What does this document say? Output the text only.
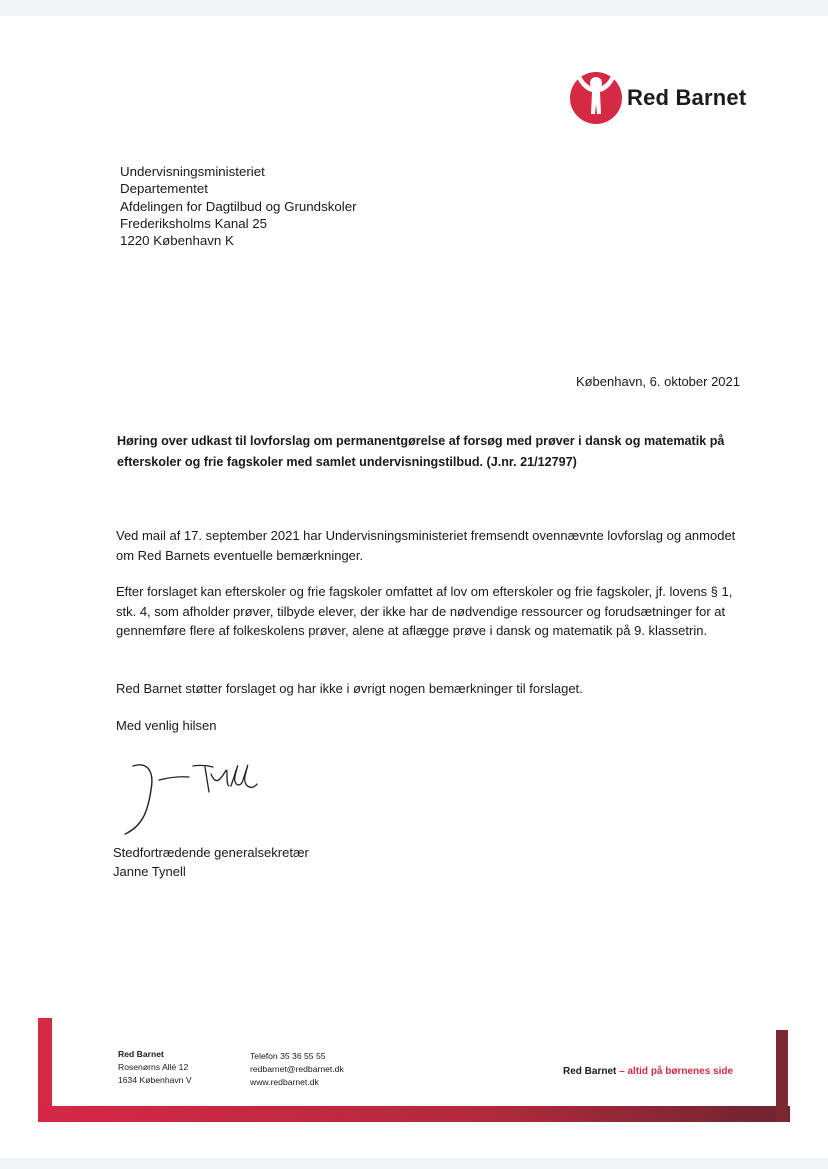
Red Barnet
Undervisningsministeriet
Departementet
Afdelingen for Dagtilbud og Grundskoler
Frederiksholms Kanal 25
1220 København K
København, 6. oktober 2021
Høring over udkast til lovforslag om permanentgørelse af forsøg med prøver i dansk og matematik på efterskoler og frie fagskoler med samlet undervisningstilbud. (J.nr. 21/12797)
Ved mail af 17. september 2021 har Undervisningsministeriet fremsendt ovennævnte lovforslag og anmodet om Red Barnets eventuelle bemærkninger.
Efter forslaget kan efterskoler og frie fagskoler omfattet af lov om efterskoler og frie fagskoler, jf. lovens § 1, stk. 4, som afholder prøver, tilbyde elever, der ikke har de nødvendige ressourcer og forudsætninger for at gennemføre flere af folkeskolens prøver, alene at aflægge prøve i dansk og matematik på 9. klassetrin.
Red Barnet støtter forslaget og har ikke i øvrigt nogen bemærkninger til forslaget.
Med venlig hilsen
Stedfortrædende generalsekretær
Janne Tynell
Red Barnet
Rosenørns Allé 12
1634 København V
Telefon 35 36 55 55
redbarnet@redbarnet.dk
www.redbarnet.dk
Red Barnet – altid på børnenes side
